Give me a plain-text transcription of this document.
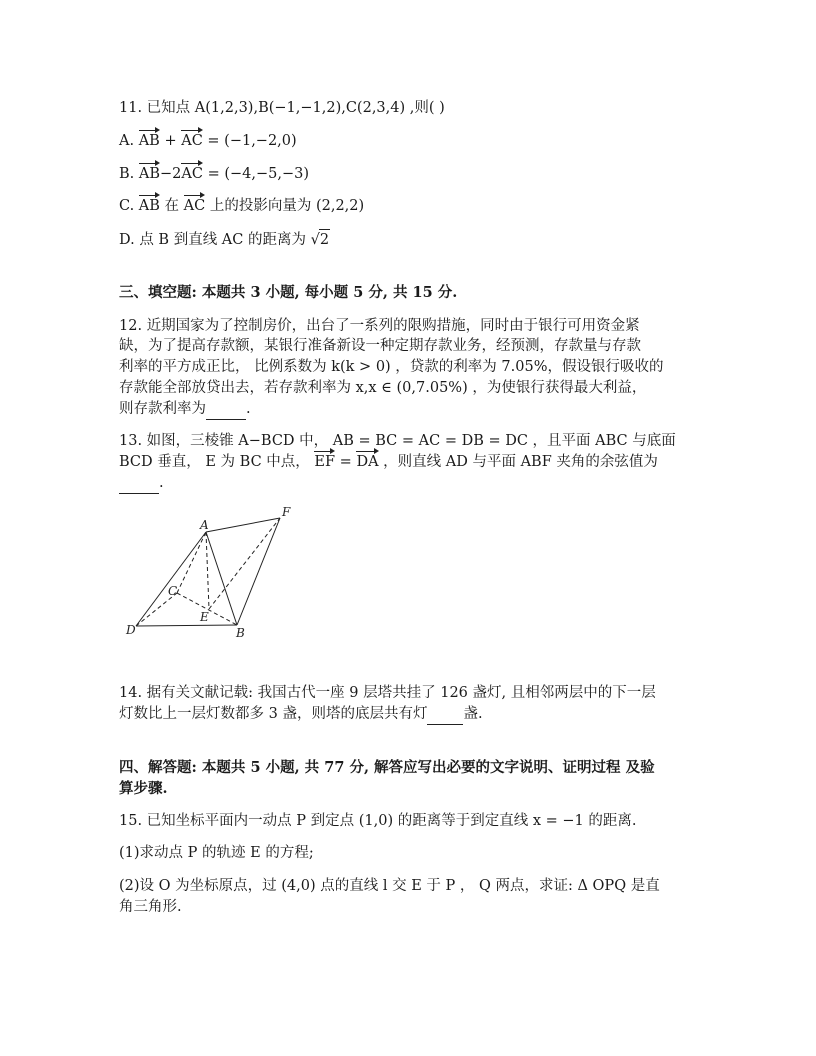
11. 已知点 A(1,2,3),B(−1,−1,2),C(2,3,4) ,则( )
A. AB + AC = (−1,−2,0)
B. AB−2AC = (−4,−5,−3)
C. AB 在 AC 上的投影向量为 (2,2,2)
D. 点 B 到直线 AC 的距离为 √2
三、填空题: 本题共 3 小题, 每小题 5 分, 共 15 分.
12. 近期国家为了控制房价，出台了一系列的限购措施，同时由于银行可用资金紧
缺，为了提高存款额，某银行准备新设一种定期存款业务，经预测，存款量与存款
利率的平方成正比， 比例系数为 k(k > 0) ，贷款的利率为 7.05%，假设银行吸收的
存款能全部放贷出去，若存款利率为 x,x ∈ (0,7.05%) ，为使银行获得最大利益，
则存款利率为	.
13. 如图，三棱锥 A−BCD 中， AB = BC = AC = DB = DC ，且平面 ABC 与底面
BCD 垂直， E 为 BC 中点， EF = DA ，则直线 AD 与平面 ABF 夹角的余弦值为
.
A
B
C
D
E
F
14. 据有关文献记载: 我国古代一座 9 层塔共挂了 126 盏灯, 且相邻两层中的下一层
灯数比上一层灯数都多 3 盏，则塔的底层共有灯 盏.
四、解答题: 本题共 5 小题, 共 77 分, 解答应写出必要的文字说明、证明过程 及验
算步骤.
15. 已知坐标平面内一动点 P 到定点 (1,0) 的距离等于到定直线 x = −1 的距离.
(1)求动点 P 的轨迹 E 的方程;
(2)设 O 为坐标原点，过 (4,0) 点的直线 l 交 E 于 P ， Q 两点，求证: Δ OPQ 是直
角三角形.
